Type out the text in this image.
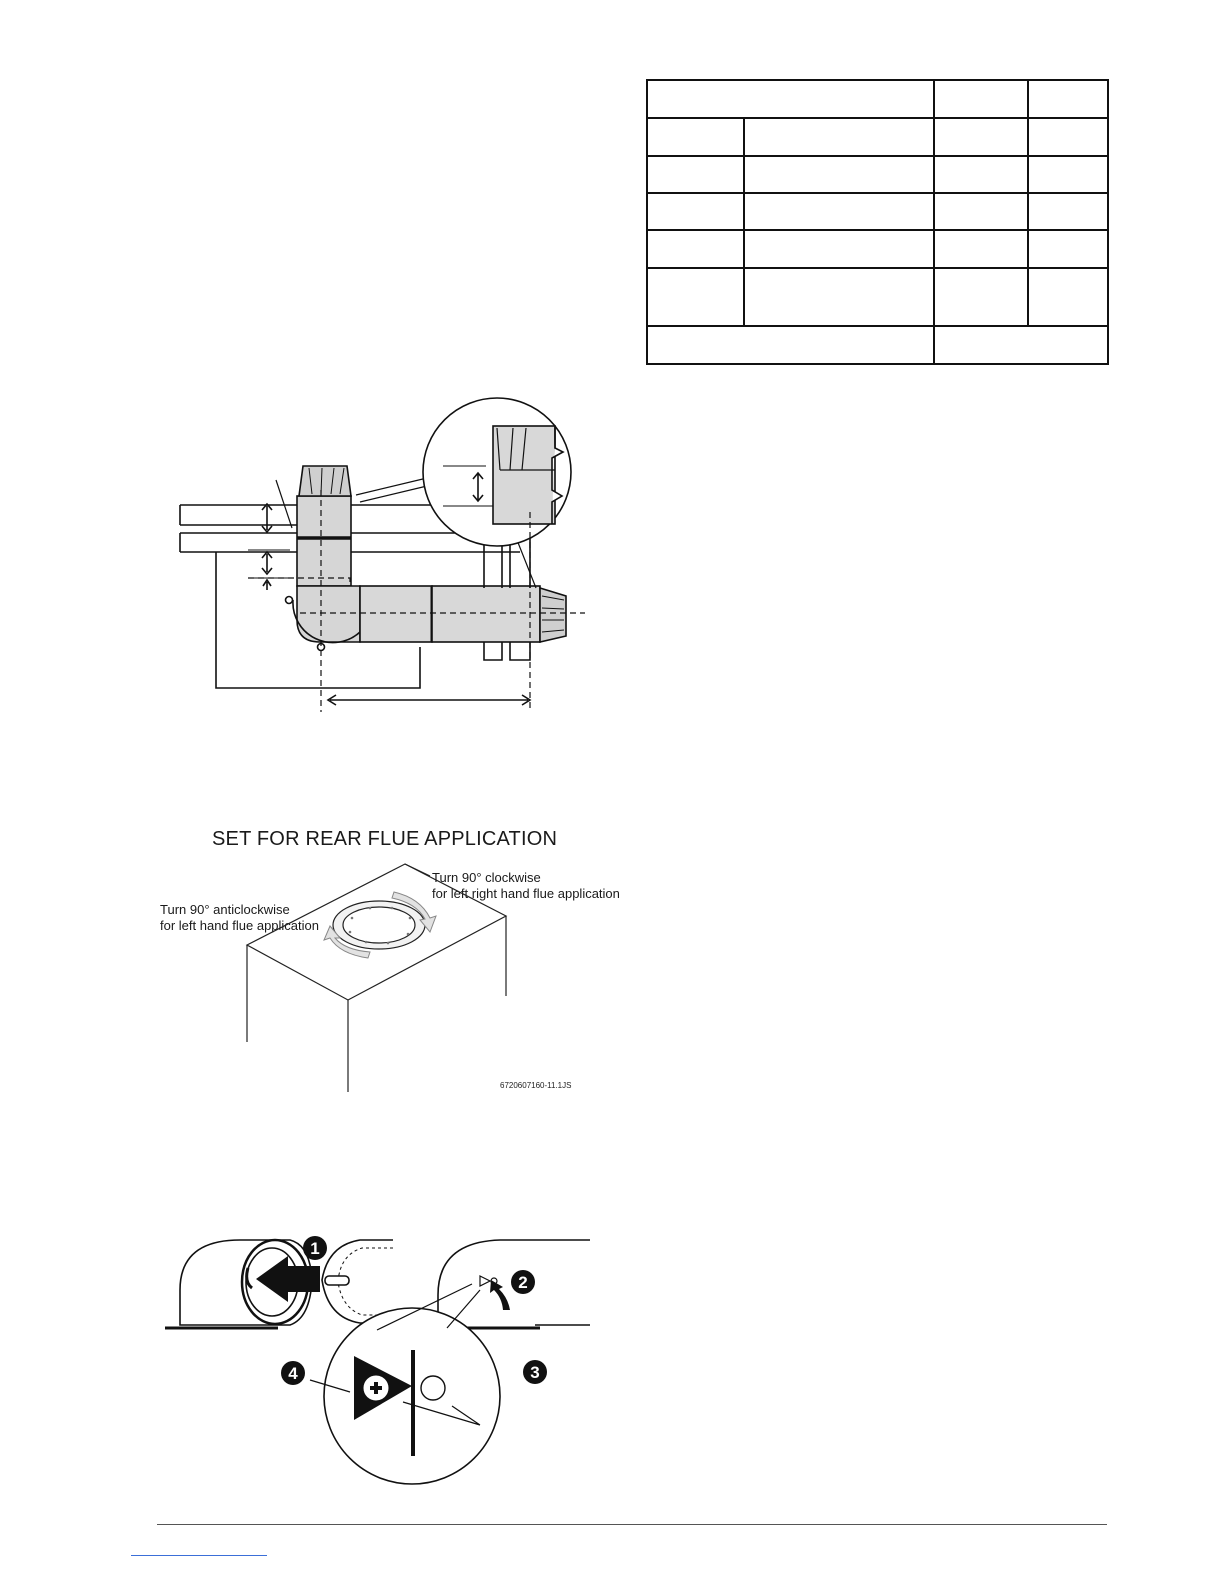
SET FOR REAR FLUE APPLICATION
Turn 90° clockwise
for left right hand flue application
Turn 90° anticlockwise
for left hand flue application
6720607160-11.1JS
1
2
3
4
